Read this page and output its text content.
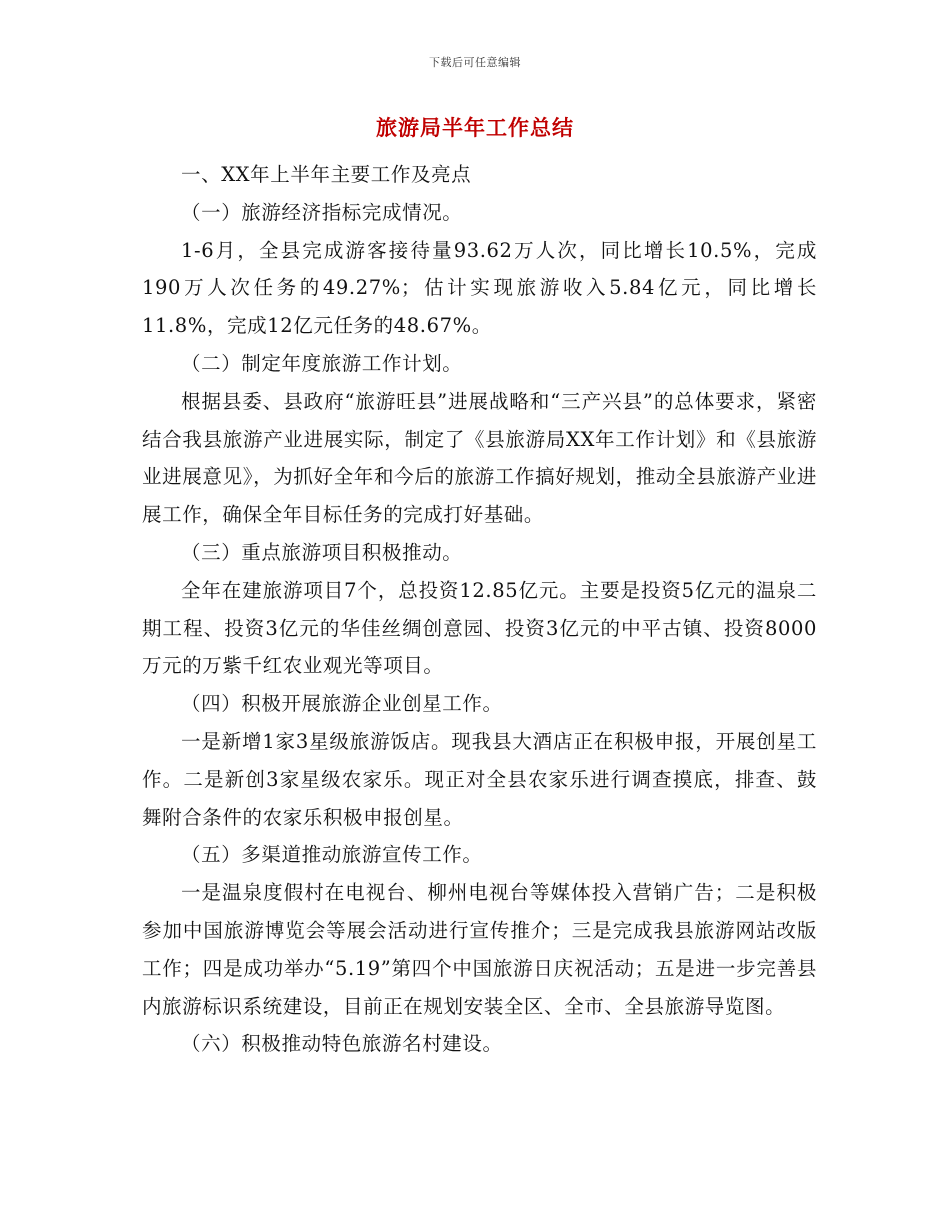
下载后可任意编辑
旅游局半年工作总结

一、XX年上半年主要工作及亮点

（一）旅游经济指标完成情况。

1-6月，全县完成游客接待量93.62万人次，同比增长10.5%，完成190万人次任务的49.27%；估计实现旅游收入5.84亿元，同比增长11.8%，完成12亿元任务的48.67%。

（二）制定年度旅游工作计划。

根据县委、县政府“旅游旺县”进展战略和“三产兴县”的总体要求，紧密结合我县旅游产业进展实际，制定了《县旅游局XX年工作计划》和《县旅游业进展意见》，为抓好全年和今后的旅游工作搞好规划，推动全县旅游产业进展工作，确保全年目标任务的完成打好基础。

（三）重点旅游项目积极推动。

全年在建旅游项目7个，总投资12.85亿元。主要是投资5亿元的温泉二期工程、投资3亿元的华佳丝绸创意园、投资3亿元的中平古镇、投资8000万元的万紫千红农业观光等项目。

（四）积极开展旅游企业创星工作。

一是新增1家3星级旅游饭店。现我县大酒店正在积极申报，开展创星工作。二是新创3家星级农家乐。现正对全县农家乐进行调查摸底，排查、鼓舞附合条件的农家乐积极申报创星。

（五）多渠道推动旅游宣传工作。

一是温泉度假村在电视台、柳州电视台等媒体投入营销广告；二是积极参加中国旅游博览会等展会活动进行宣传推介；三是完成我县旅游网站改版工作；四是成功举办“5.19”第四个中国旅游日庆祝活动；五是进一步完善县内旅游标识系统建设，目前正在规划安装全区、全市、全县旅游导览图。

（六）积极推动特色旅游名村建设。
